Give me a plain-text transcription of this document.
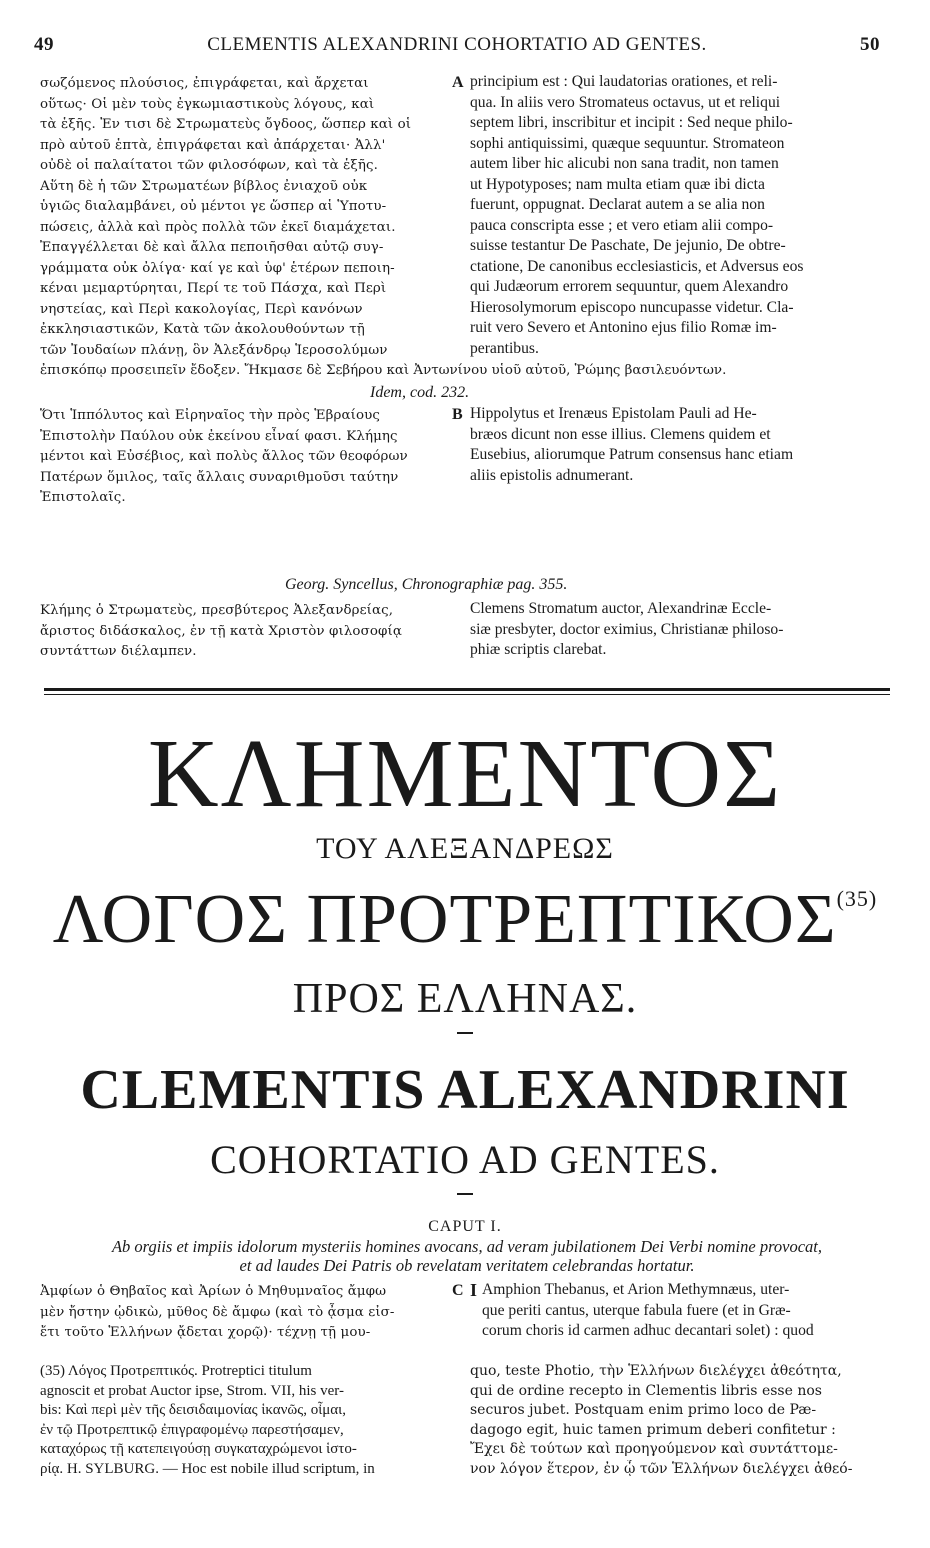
49	CLEMENTIS ALEXANDRINI COHORTATIO AD GENTES.	50
σωζόμενος πλούσιος, ἐπιγράφεται, καὶ ἄρχεται
οὕτως· Οἱ μὲν τοὺς ἐγκωμιαστικοὺς λόγους, καὶ
τὰ ἑξῆς. Ἐν τισι δὲ Στρωματεὺς ὄγδοος, ὥσπερ καὶ οἱ
πρὸ αὐτοῦ ἑπτὰ, ἐπιγράφεται καὶ ἀπάρχεται· Ἀλλ'
οὐδὲ οἱ παλαίτατοι τῶν φιλοσόφων, καὶ τὰ ἑξῆς.
Αὕτη δὲ ἡ τῶν Στρωματέων βίβλος ἐνιαχοῦ οὐκ
ὑγιῶς διαλαμβάνει, οὐ μέντοι γε ὥσπερ αἱ Ὑποτυ-
πώσεις, ἀλλὰ καὶ πρὸς πολλὰ τῶν ἐκεῖ διαμάχεται.
Ἐπαγγέλλεται δὲ καὶ ἄλλα πεποιῆσθαι αὐτῷ συγ-
γράμματα οὐκ ὀλίγα· καί γε καὶ ὑφ' ἑτέρων πεποιη-
κέναι μεμαρτύρηται, Περί τε τοῦ Πάσχα, καὶ Περὶ
νηστείας, καὶ Περὶ κακολογίας, Περὶ κανόνων
ἐκκλησιαστικῶν, Κατὰ τῶν ἀκολουθούντων τῇ
τῶν Ἰουδαίων πλάνῃ, ὃν Ἀλεξάνδρῳ Ἱεροσολύμων
A principium est : Qui laudatorias orationes, et reli-
qua. In aliis vero Stromateus octavus, ut et reliqui
septem libri, inscribitur et incipit : Sed neque philo-
sophi antiquissimi, quæque sequuntur. Stromateon
autem liber hic alicubi non sana tradit, non tamen
ut Hypotyposes; nam multa etiam quæ ibi dicta
fuerunt, oppugnat. Declarat autem a se alia non
pauca conscripta esse ; et vero etiam alii compo-
suisse testantur De Paschate, De jejunio, De obtre-
ctatione, De canonibus ecclesiasticis, et Adversus eos
qui Judæorum errorem sequuntur, quem Alexandro
Hierosolymorum episcopo nuncupasse videtur. Cla-
ruit vero Severo et Antonino ejus filio Romæ im-
perantibus.
ἐπισκόπῳ προσειπεῖν ἔδοξεν. Ἤκμασε δὲ Σεβήρου καὶ Ἀντωνίνου υἱοῦ αὐτοῦ, Ῥώμης βασιλευόντων.
Idem, cod. 232.
Ὅτι Ἱππόλυτος καὶ Εἰρηναῖος τὴν πρὸς Ἑβραίους
Ἐπιστολὴν Παύλου οὐκ ἐκείνου εἶναί φασι. Κλήμης
μέντοι καὶ Εὐσέβιος, καὶ πολὺς ἄλλος τῶν θεοφόρων
Πατέρων ὅμιλος, ταῖς ἄλλαις συναριθμοῦσι ταύτην
Ἐπιστολαῖς.
B Hippolytus et Irenæus Epistolam Pauli ad He-
bræos dicunt non esse illius. Clemens quidem et
Eusebius, aliorumque Patrum consensus hanc etiam
aliis epistolis adnumerant.
Georg. Syncellus, Chronographiæ pag. 355.
Κλήμης ὁ Στρωματεὺς, πρεσβύτερος Ἀλεξανδρείας,
ἄριστος διδάσκαλος, ἐν τῇ κατὰ Χριστὸν φιλοσοφίᾳ
συντάττων διέλαμπεν.
Clemens Stromatum auctor, Alexandrinæ Eccle-
siæ presbyter, doctor eximius, Christianæ philoso-
phiæ scriptis clarebat.
ΚΛΗΜΕΝΤΟΣ
ΤΟΥ ΑΛΕΞΑΝΔΡΕΩΣ
ΛΟΓΟΣ ΠΡΟΤΡΕΠΤΙΚΟΣ$^{(35)}$
ΠΡΟΣ ΕΛΛΗΝΑΣ.
CLEMENTIS ALEXANDRINI
COHORTATIO AD GENTES.
CAPUT I.
Ab orgiis et impiis idolorum mysteriis homines avocans, ad veram jubilationem Dei Verbi nomine provocat,
et ad laudes Dei Patris ob revelatam veritatem celebrandas hortatur.
Ἀμφίων ὁ Θηβαῖος καὶ Ἀρίων ὁ Μηθυμναῖος ἄμφω
μὲν ἤστην ᾠδικὼ, μῦθος δὲ ἄμφω (καὶ τὸ ᾆσμα εἰσ-
ἔτι τοῦτο Ἑλλήνων ᾄδεται χορῷ)· τέχνῃ τῇ μου-
C I Amphion Thebanus, et Arion Methymnæus, uter-
que periti cantus, uterque fabula fuere (et in Græ-
corum choris id carmen adhuc decantari solet) : quod
(35) Λόγος Προτρεπτικός. Protreptici titulum
agnoscit et probat Auctor ipse, Strom. VII, his ver-
bis: Καὶ περὶ μὲν τῆς δεισιδαιμονίας ἱκανῶς, οἶμαι,
ἐν τῷ Προτρεπτικῷ ἐπιγραφομένῳ παρεστήσαμεν,
καταχόρως τῇ κατεπειγούσῃ συγκαταχρώμενοι ἱστο-
ρίᾳ. H. SYLBURG. — Hoc est nobile illud scriptum, in
quo, teste Photio, τὴν Ἑλλήνων διελέγχει ἀθεότητα,
qui de ordine recepto in Clementis libris esse nos
securos jubet. Postquam enim primo loco de Pæ-
dagogo egit, huic tamen primum deberi confitetur :
Ἔχει δὲ τούτων καὶ προηγούμενον καὶ συντάττομε-
νον λόγον ἕτερον, ἐν ᾧ τῶν Ἑλλήνων διελέγχει ἀθεό-
